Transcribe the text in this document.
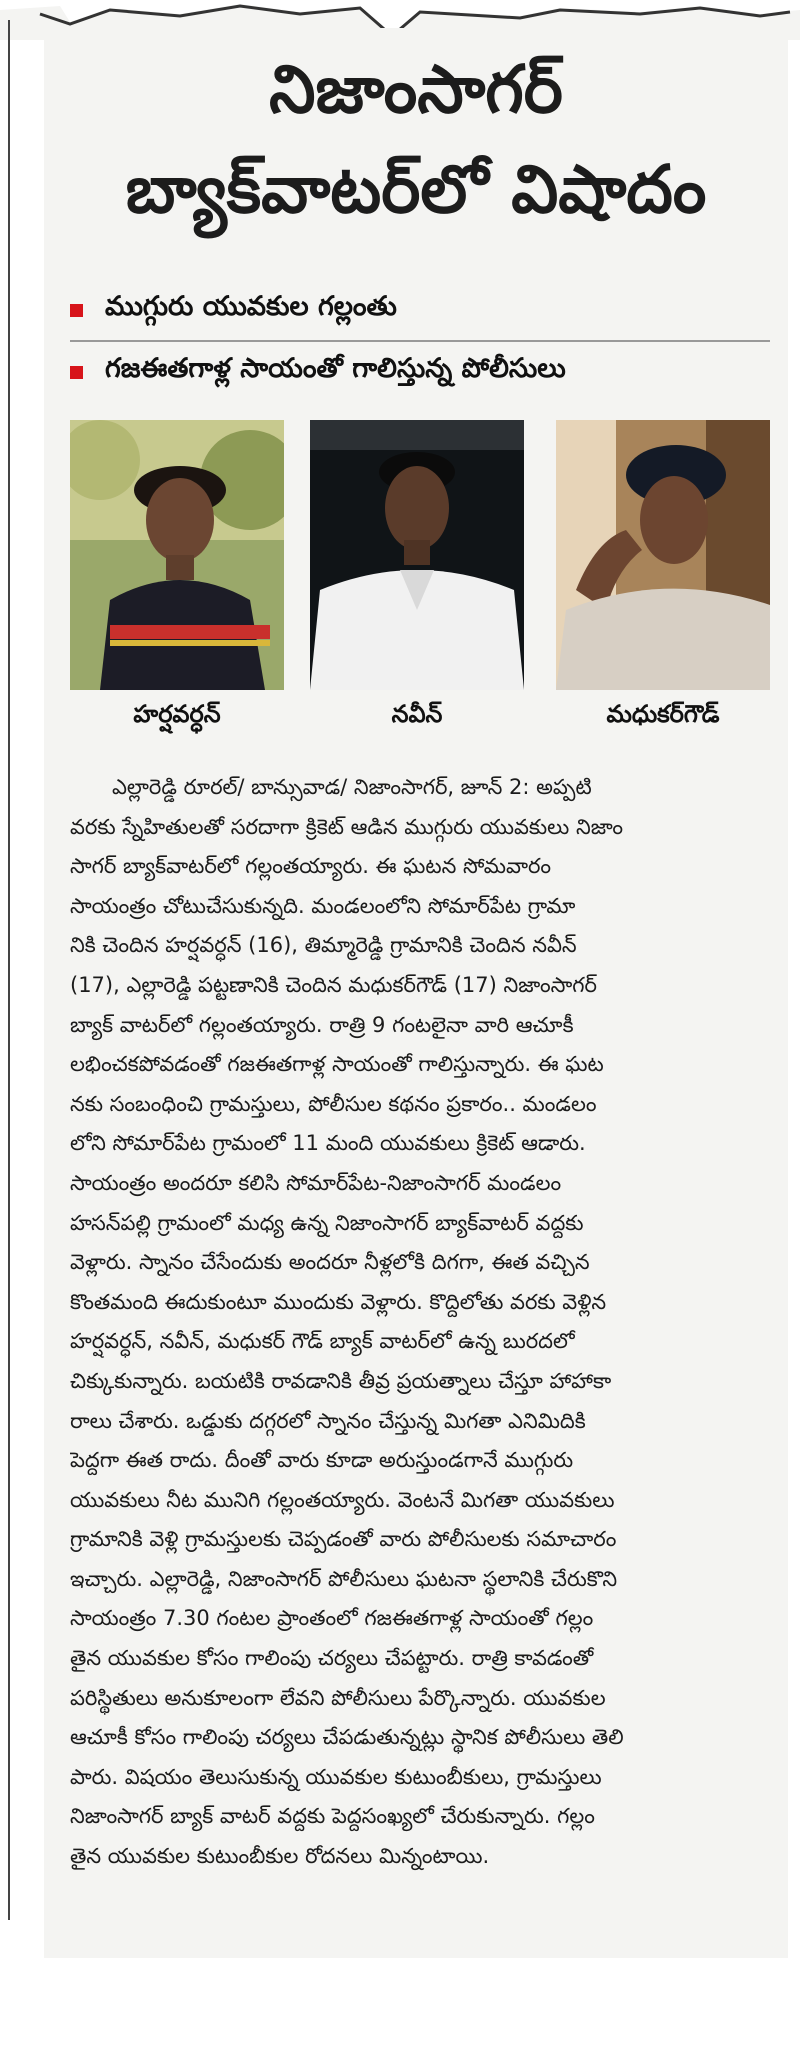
నిజాంసాగర్
బ్యాక్‌వాటర్‌లో విషాదం
ముగ్గురు యువకుల గల్లంతు
గజఈతగాళ్ల సాయంతో గాలిస్తున్న పోలీసులు
హర్షవర్ధన్	నవీన్	మధుకర్‌గౌడ్
ఎల్లారెడ్డి రూరల్/ బాన్సువాడ/ నిజాంసాగర్, జూన్ 2: అప్పటి
వరకు స్నేహితులతో సరదాగా క్రికెట్ ఆడిన ముగ్గురు యువకులు నిజాం
సాగర్ బ్యాక్‌వాటర్‌లో గల్లంతయ్యారు. ఈ ఘటన సోమవారం
సాయంత్రం చోటుచేసుకున్నది. మండలంలోని సోమార్‌పేట గ్రామా
నికి చెందిన హర్షవర్ధన్ (16), తిమ్మారెడ్డి గ్రామానికి చెందిన నవీన్
(17), ఎల్లారెడ్డి పట్టణానికి చెందిన మధుకర్‌గౌడ్ (17) నిజాంసాగర్
బ్యాక్ వాటర్‌లో గల్లంతయ్యారు. రాత్రి 9 గంటలైనా వారి ఆచూకీ
లభించకపోవడంతో గజఈతగాళ్ల సాయంతో గాలిస్తున్నారు. ఈ ఘట
నకు సంబంధించి గ్రామస్తులు, పోలీసుల కథనం ప్రకారం.. మండలం
లోని సోమార్‌పేట గ్రామంలో 11 మంది యువకులు క్రికెట్ ఆడారు.
సాయంత్రం అందరూ కలిసి సోమార్‌పేట-నిజాంసాగర్ మండలం
హసన్‌పల్లి గ్రామంలో మధ్య ఉన్న నిజాంసాగర్ బ్యాక్‌వాటర్ వద్దకు
వెళ్లారు. స్నానం చేసేందుకు అందరూ నీళ్లలోకి దిగగా, ఈత వచ్చిన
కొంతమంది ఈదుకుంటూ ముందుకు వెళ్లారు. కొద్దిలోతు వరకు వెళ్లిన
హర్షవర్ధన్, నవీన్, మధుకర్ గౌడ్ బ్యాక్ వాటర్‌లో ఉన్న బురదలో
చిక్కుకున్నారు. బయటికి రావడానికి తీవ్ర ప్రయత్నాలు చేస్తూ హాహాకా
రాలు చేశారు. ఒడ్డుకు దగ్గరలో స్నానం చేస్తున్న మిగతా ఎనిమిదికి
పెద్దగా ఈత రాదు. దీంతో వారు కూడా అరుస్తుండగానే ముగ్గురు
యువకులు నీట మునిగి గల్లంతయ్యారు. వెంటనే మిగతా యువకులు
గ్రామానికి వెళ్లి గ్రామస్తులకు చెప్పడంతో వారు పోలీసులకు సమాచారం
ఇచ్చారు. ఎల్లారెడ్డి, నిజాంసాగర్ పోలీసులు ఘటనా స్థలానికి చేరుకొని
సాయంత్రం 7.30 గంటల ప్రాంతంలో గజఈతగాళ్ల సాయంతో గల్లం
తైన యువకుల కోసం గాలింపు చర్యలు చేపట్టారు. రాత్రి కావడంతో
పరిస్థితులు అనుకూలంగా లేవని పోలీసులు పేర్కొన్నారు. యువకుల
ఆచూకీ కోసం గాలింపు చర్యలు చేపడుతున్నట్లు స్థానిక పోలీసులు తెలి
పారు. విషయం తెలుసుకున్న యువకుల కుటుంబీకులు, గ్రామస్తులు
నిజాంసాగర్ బ్యాక్ వాటర్ వద్దకు పెద్దసంఖ్యలో చేరుకున్నారు. గల్లం
తైన యువకుల కుటుంబీకుల రోదనలు మిన్నంటాయి.
